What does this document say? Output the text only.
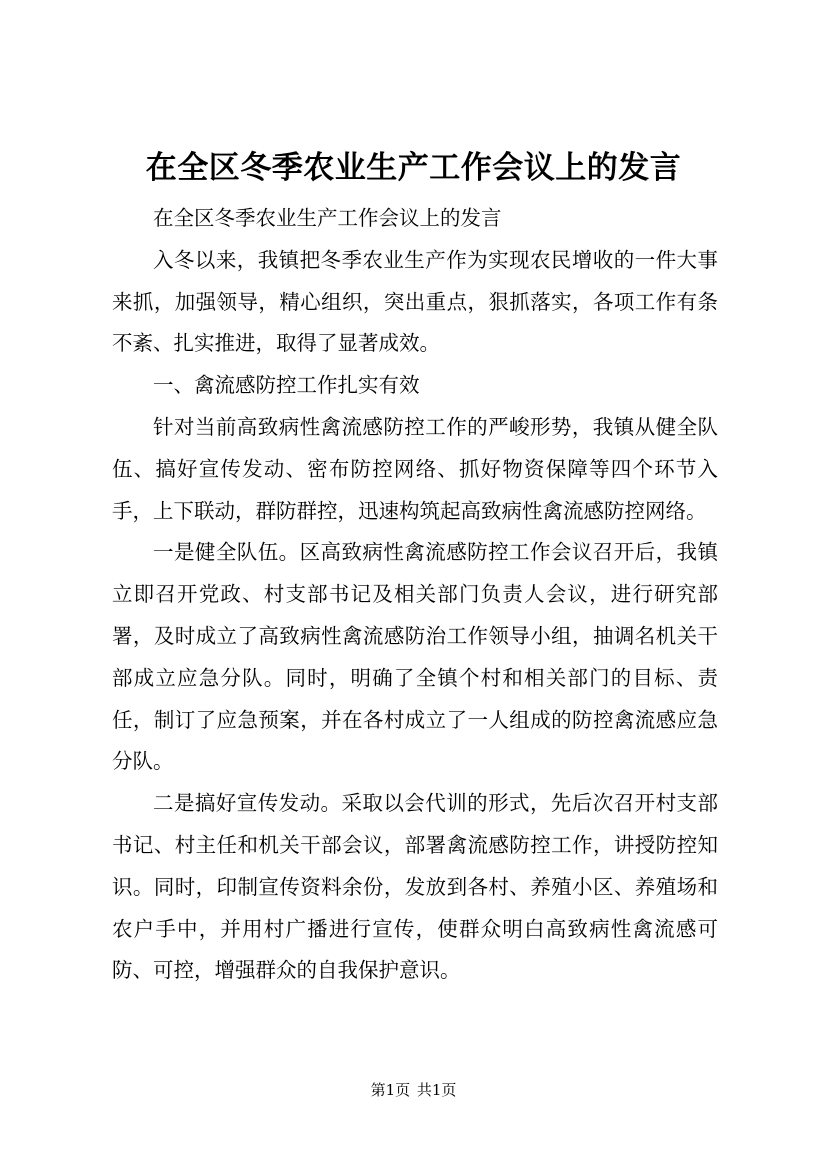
在全区冬季农业生产工作会议上的发言

在全区冬季农业生产工作会议上的发言

入冬以来，我镇把冬季农业生产作为实现农民增收的一件大事来抓，加强领导，精心组织，突出重点，狠抓落实，各项工作有条不紊、扎实推进，取得了显著成效。

一、禽流感防控工作扎实有效

针对当前高致病性禽流感防控工作的严峻形势，我镇从健全队伍、搞好宣传发动、密布防控网络、抓好物资保障等四个环节入手，上下联动，群防群控，迅速构筑起高致病性禽流感防控网络。

一是健全队伍。区高致病性禽流感防控工作会议召开后，我镇立即召开党政、村支部书记及相关部门负责人会议，进行研究部署，及时成立了高致病性禽流感防治工作领导小组，抽调名机关干部成立应急分队。同时，明确了全镇个村和相关部门的目标、责任，制订了应急预案，并在各村成立了一人组成的防控禽流感应急分队。

二是搞好宣传发动。采取以会代训的形式，先后次召开村支部书记、村主任和机关干部会议，部署禽流感防控工作，讲授防控知识。同时，印制宣传资料余份，发放到各村、养殖小区、养殖场和农户手中，并用村广播进行宣传，使群众明白高致病性禽流感可防、可控，增强群众的自我保护意识。

第1页 共1页
